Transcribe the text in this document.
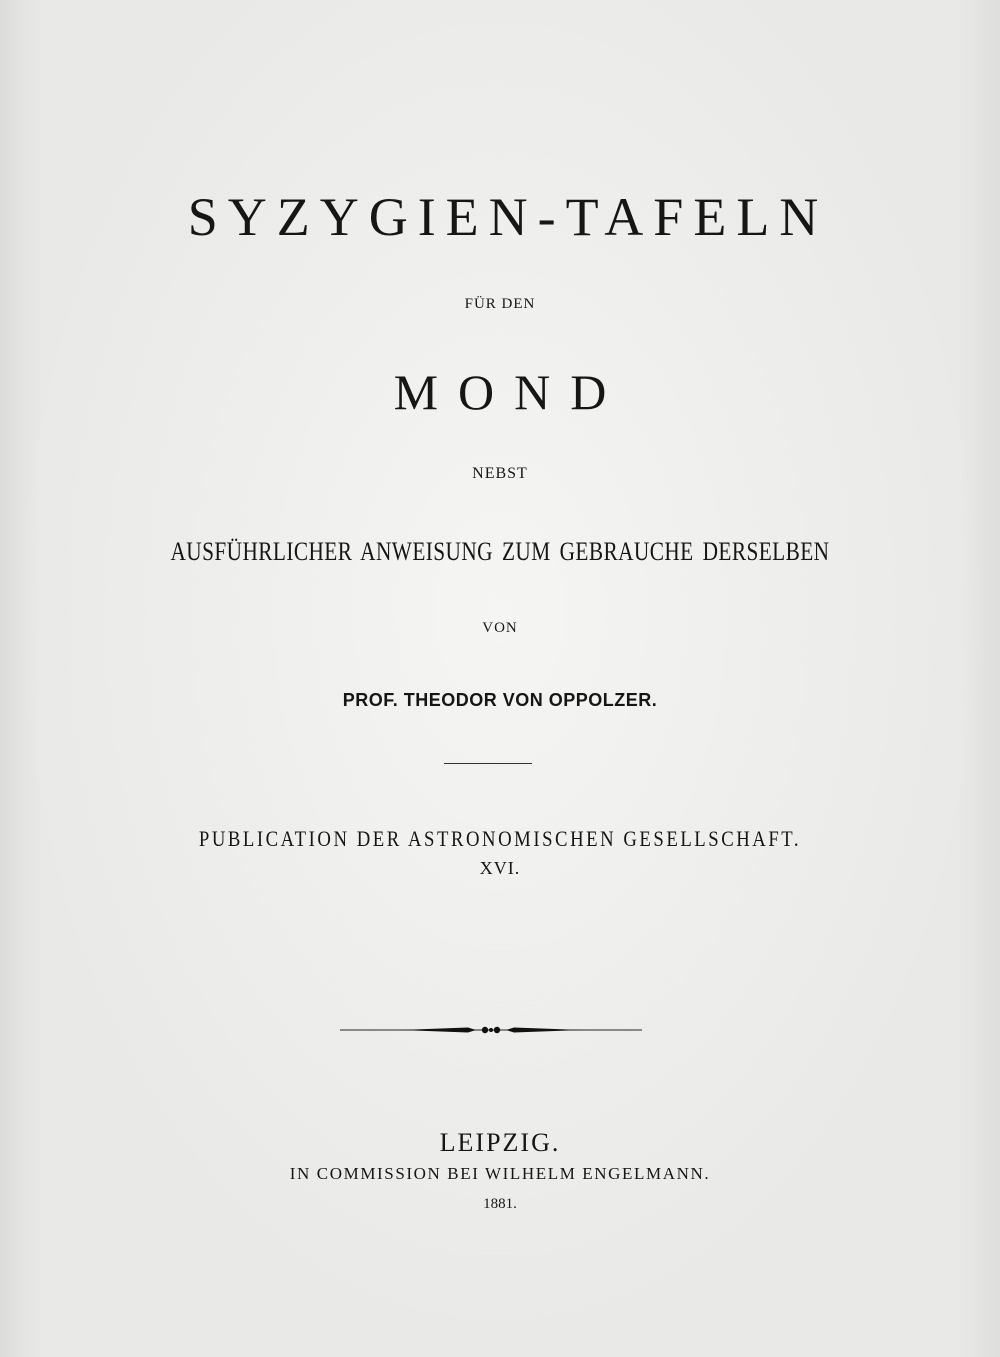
SYZYGIEN-TAFELN
FÜR DEN
MOND
NEBST
AUSFÜHRLICHER ANWEISUNG ZUM GEBRAUCHE DERSELBEN
VON
PROF. THEODOR VON OPPOLZER.
PUBLICATION DER ASTRONOMISCHEN GESELLSCHAFT.
XVI.
LEIPZIG.
IN COMMISSION BEI WILHELM ENGELMANN.
1881.
